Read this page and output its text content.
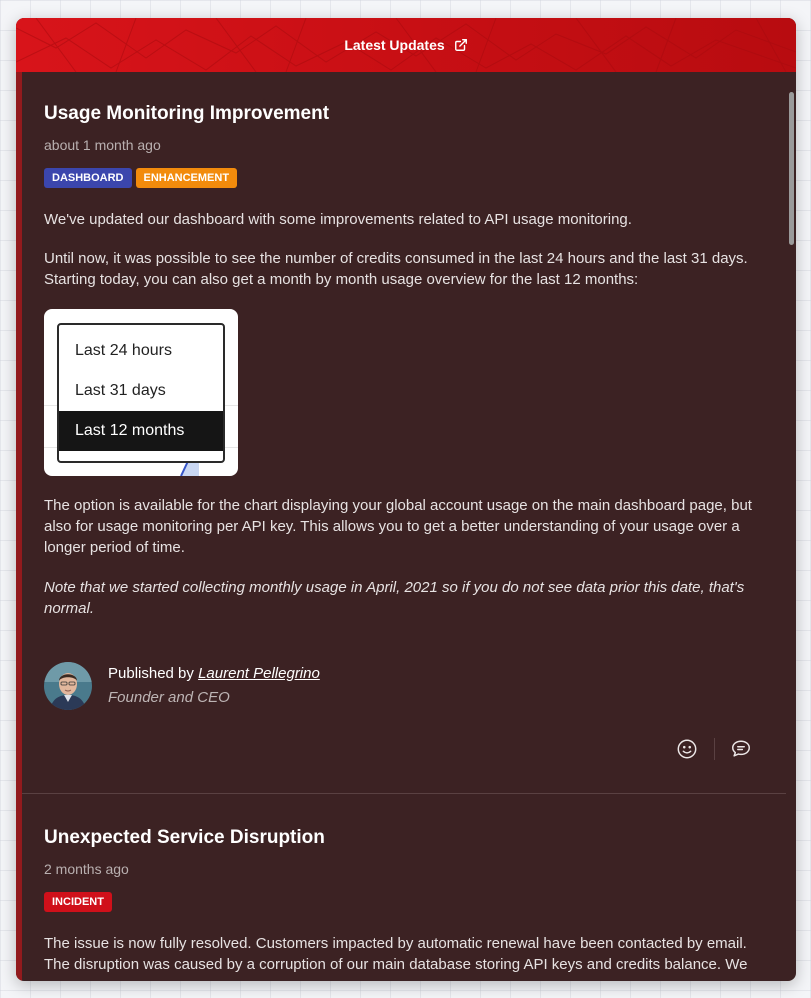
Latest Updates
Usage Monitoring Improvement
about 1 month ago
DASHBOARD	ENHANCEMENT

We've updated our dashboard with some improvements related to API usage monitoring.

Until now, it was possible to see the number of credits consumed in the last 24 hours and the last 31 days. Starting today, you can also get a month by month usage overview for the last 12 months:

Last 24 hours
Last 31 days
Last 12 months

The option is available for the chart displaying your global account usage on the main dashboard page, but also for usage monitoring per API key. This allows you to get a better understanding of your usage over a longer period of time.

Note that we started collecting monthly usage in April, 2021 so if you do not see data prior this date, that's normal.

Published by Laurent Pellegrino
Founder and CEO
Unexpected Service Disruption
2 months ago
INCIDENT

The issue is now fully resolved. Customers impacted by automatic renewal have been contacted by email. The disruption was caused by a corruption of our main database storing API keys and credits balance. We
